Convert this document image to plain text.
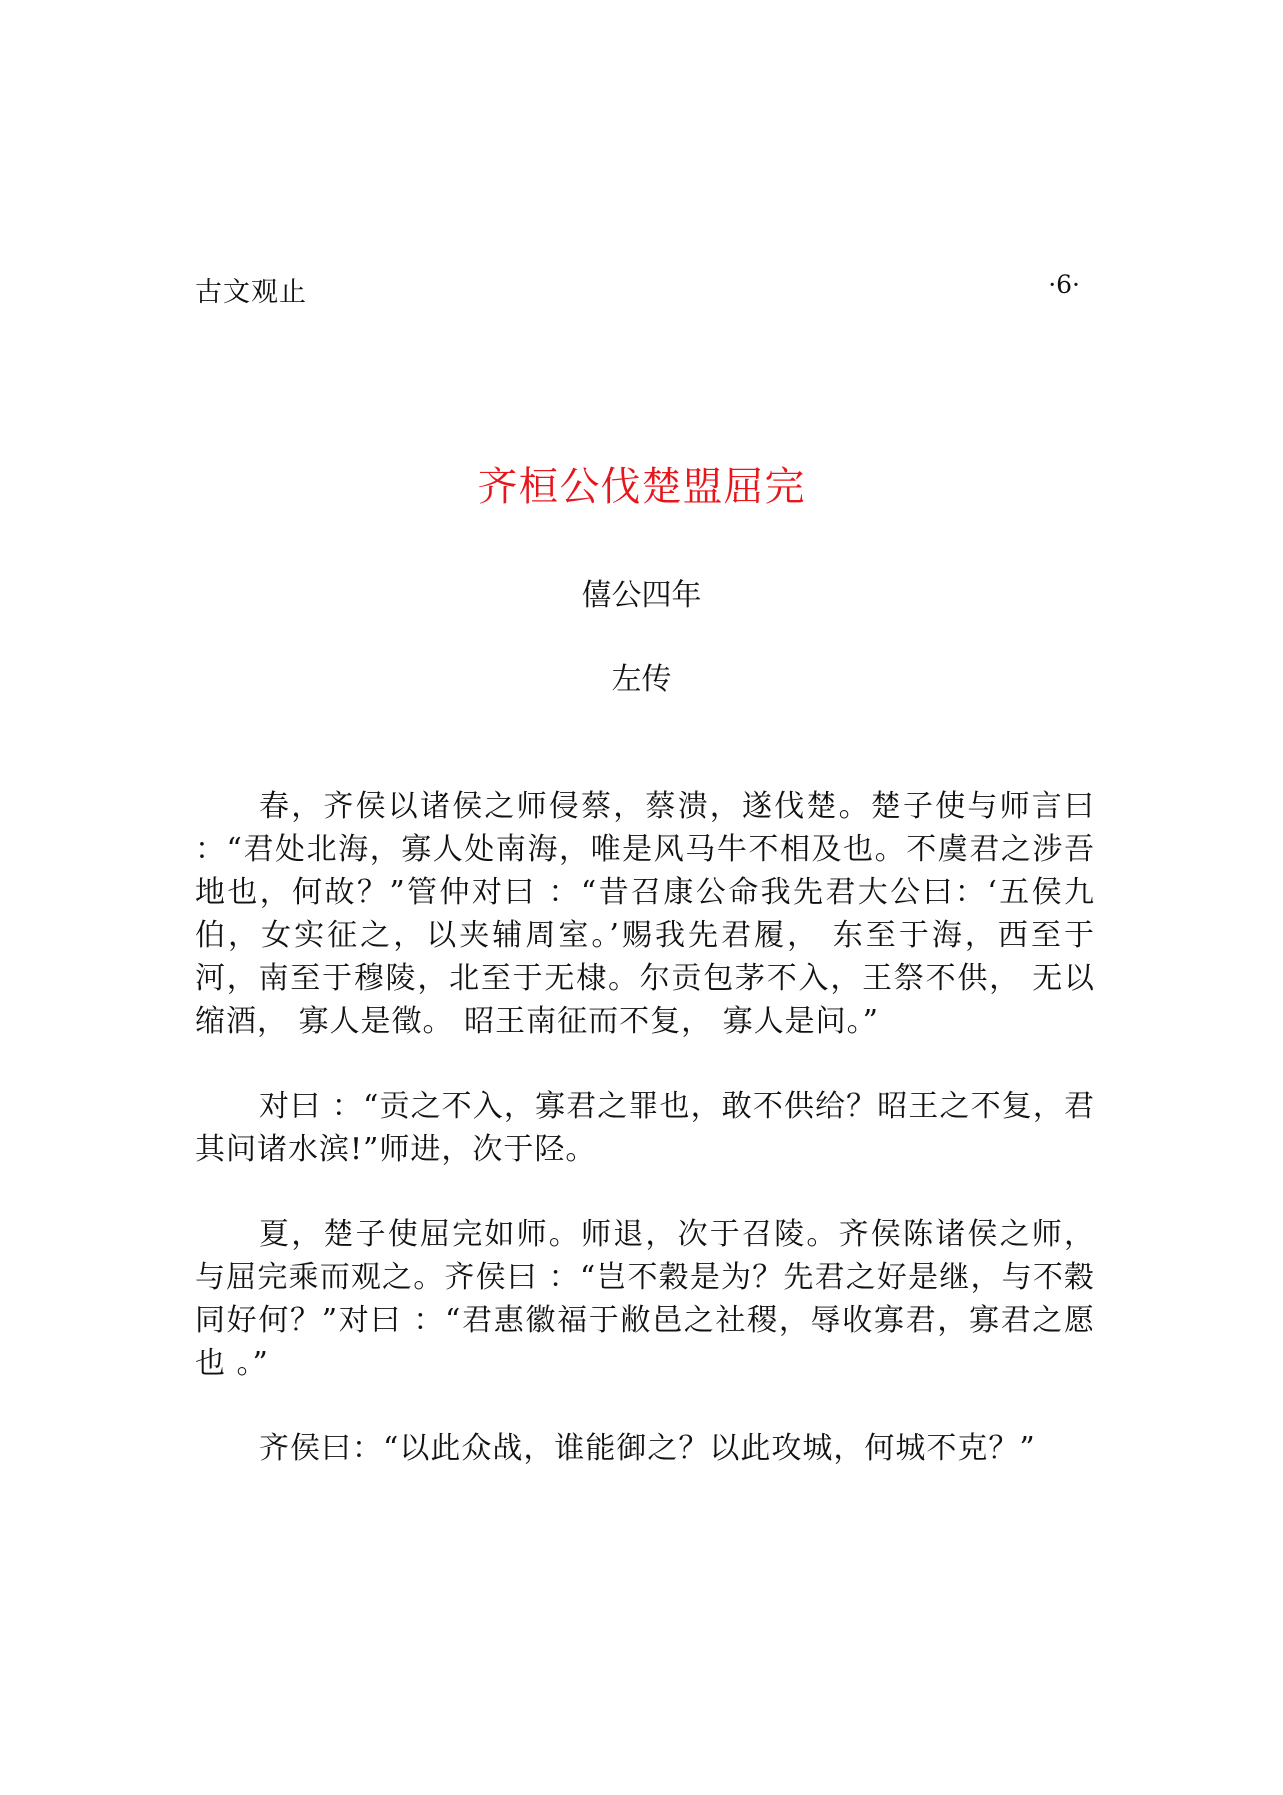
古文观止	·6·
齐桓公伐楚盟屈完
僖公四年
左传

春，齐侯以诸侯之师侵蔡，蔡溃，遂伐楚。楚子使与师言曰 ：“君处北海，寡人处南海，唯是风马牛不相及也。不虞君之涉吾地也，何故？”管仲对曰 ：“昔召康公命我先君大公曰：‘五侯九伯，女实征之，以夹辅周室。’赐我先君履， 东至于海，西至于河，南至于穆陵，北至于无棣。尔贡包茅不入，王祭不供， 无以缩酒， 寡人是徵。 昭王南征而不复， 寡人是问。”

对曰 ：“贡之不入，寡君之罪也，敢不供给？昭王之不复，君其问诸水滨!”师进，次于陉。

夏，楚子使屈完如师。师退，次于召陵。齐侯陈诸侯之师，与屈完乘而观之。齐侯曰 ：“岂不穀是为？先君之好是继，与不穀同好何？”对曰 ：“君惠徽福于敝邑之社稷，辱收寡君，寡君之愿也 。”

齐侯曰：“以此众战，谁能御之？以此攻城，何城不克？”
